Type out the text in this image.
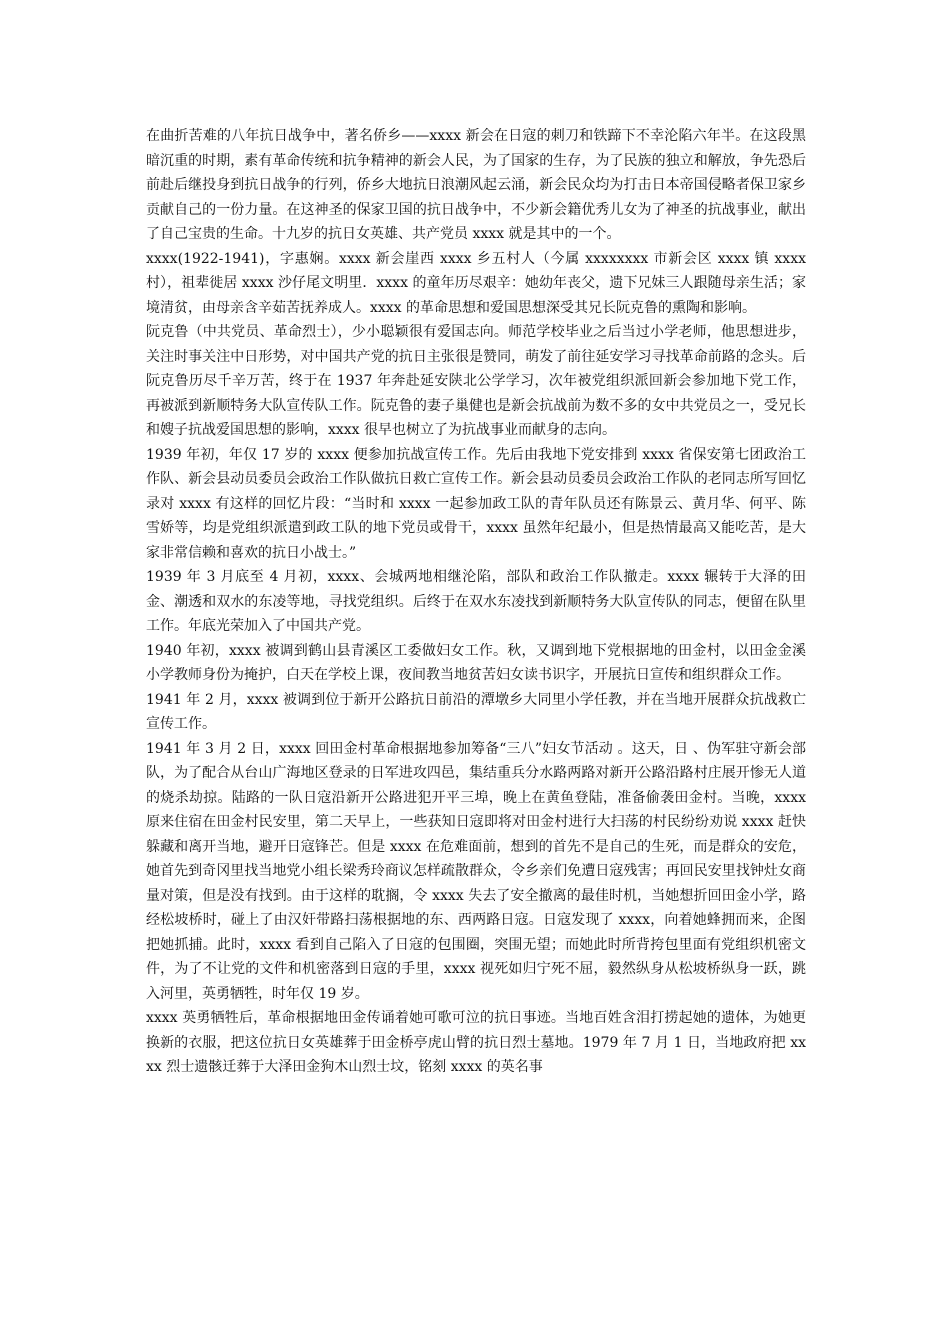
在曲折苦难的八年抗日战争中，著名侨乡——xxxx 新会在日寇的刺刀和铁蹄下不幸沦陷六年半。在这段黑暗沉重的时期，素有革命传统和抗争精神的新会人民，为了国家的生存，为了民族的独立和解放，争先恐后前赴后继投身到抗日战争的行列，侨乡大地抗日浪潮风起云涌，新会民众均为打击日本帝国侵略者保卫家乡贡献自己的一份力量。在这神圣的保家卫国的抗日战争中，不少新会籍优秀儿女为了神圣的抗战事业，献出了自己宝贵的生命。十九岁的抗日女英雄、共产党员 xxxx 就是其中的一个。

xxxx(1922-1941)，字惠娴。xxxx 新会崖西 xxxx 乡五村人（今属 xxxxxxxx 市新会区 xxxx 镇 xxxx 村），祖辈徙居 xxxx 沙仔尾文明里．xxxx 的童年历尽艰辛：她幼年丧父，遗下兄妹三人跟随母亲生活；家境清贫，由母亲含辛茹苦抚养成人。xxxx 的革命思想和爱国思想深受其兄长阮克鲁的熏陶和影响。

阮克鲁（中共党员、革命烈士），少小聪颖很有爱国志向。师范学校毕业之后当过小学老师，他思想进步，关注时事关注中日形势，对中国共产党的抗日主张很是赞同，萌发了前往延安学习寻找革命前路的念头。后阮克鲁历尽千辛万苦，终于在 1937 年奔赴延安陕北公学学习，次年被党组织派回新会参加地下党工作，再被派到新顺特务大队宣传队工作。阮克鲁的妻子巢健也是新会抗战前为数不多的女中共党员之一，受兄长和嫂子抗战爱国思想的影响，xxxx 很早也树立了为抗战事业而献身的志向。

1939 年初，年仅 17 岁的 xxxx 便参加抗战宣传工作。先后由我地下党安排到 xxxx 省保安第七团政治工作队、新会县动员委员会政治工作队做抗日救亡宣传工作。新会县动员委员会政治工作队的老同志所写回忆录对 xxxx 有这样的回忆片段：“当时和 xxxx 一起参加政工队的青年队员还有陈景云、黄月华、何平、陈雪娇等，均是党组织派遣到政工队的地下党员或骨干，xxxx 虽然年纪最小，但是热情最高又能吃苦，是大家非常信赖和喜欢的抗日小战士。”

1939 年 3 月底至 4 月初，xxxx、会城两地相继沦陷，部队和政治工作队撤走。xxxx 辗转于大泽的田金、潮透和双水的东凌等地，寻找党组织。后终于在双水东凌找到新顺特务大队宣传队的同志，便留在队里工作。年底光荣加入了中国共产党。

1940 年初，xxxx 被调到鹤山县青溪区工委做妇女工作。秋，又调到地下党根据地的田金村，以田金金溪小学教师身份为掩护，白天在学校上课，夜间教当地贫苦妇女读书识字，开展抗日宣传和组织群众工作。

1941 年 2 月，xxxx 被调到位于新开公路抗日前沿的潭墩乡大同里小学任教，并在当地开展群众抗战救亡宣传工作。

1941 年 3 月 2 日，xxxx 回田金村革命根据地参加筹备“三八”妇女节活动 。这天，日 、伪军驻守新会部队，为了配合从台山广海地区登录的日军进攻四邑，集结重兵分水路两路对新开公路沿路村庄展开惨无人道的烧杀劫掠。陆路的一队日寇沿新开公路进犯开平三埠，晚上在黄鱼登陆，准备偷袭田金村。当晚，xxxx 原来住宿在田金村民安里，第二天早上，一些获知日寇即将对田金村进行大扫荡的村民纷纷劝说 xxxx 赶快躲藏和离开当地，避开日寇锋芒。但是 xxxx 在危难面前，想到的首先不是自己的生死，而是群众的安危，她首先到奇冈里找当地党小组长梁秀玲商议怎样疏散群众，令乡亲们免遭日寇残害；再回民安里找钟灶女商量对策，但是没有找到。由于这样的耽搁，令 xxxx 失去了安全撤离的最佳时机，当她想折回田金小学，路经松坡桥时，碰上了由汉奸带路扫荡根据地的东、西两路日寇。日寇发现了 xxxx，向着她蜂拥而来，企图把她抓捕。此时，xxxx 看到自己陷入了日寇的包围圈，突围无望；而她此时所背挎包里面有党组织机密文件，为了不让党的文件和机密落到日寇的手里，xxxx 视死如归宁死不屈，毅然纵身从松坡桥纵身一跃，跳入河里，英勇牺牲，时年仅 19 岁。

xxxx 英勇牺牲后，革命根据地田金传诵着她可歌可泣的抗日事迹。当地百姓含泪打捞起她的遗体，为她更换新的衣服，把这位抗日女英雄葬于田金桥亭虎山臂的抗日烈士墓地。1979 年 7 月 1 日，当地政府把 xxxx 烈士遗骸迁葬于大泽田金狗木山烈士坟，铭刻 xxxx 的英名事
